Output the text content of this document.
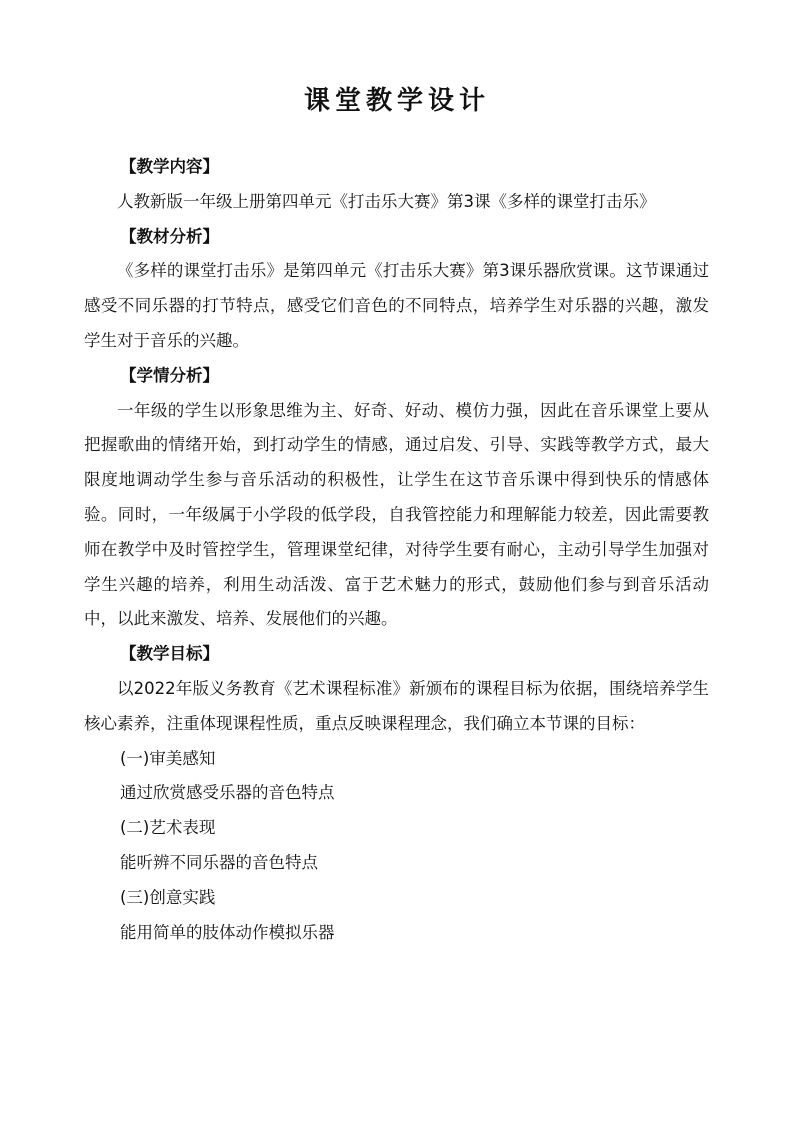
课堂教学设计

【教学内容】

人教新版一年级上册第四单元《打击乐大赛》第3课《多样的课堂打击乐》

【教材分析】

《多样的课堂打击乐》是第四单元《打击乐大赛》第3课乐器欣赏课。这节课通过感受不同乐器的打节特点，感受它们音色的不同特点，培养学生对乐器的兴趣，激发学生对于音乐的兴趣。

【学情分析】

一年级的学生以形象思维为主、好奇、好动、模仿力强，因此在音乐课堂上要从把握歌曲的情绪开始，到打动学生的情感，通过启发、引导、实践等教学方式，最大限度地调动学生参与音乐活动的积极性，让学生在这节音乐课中得到快乐的情感体验。同时，一年级属于小学段的低学段，自我管控能力和理解能力较差，因此需要教师在教学中及时管控学生，管理课堂纪律，对待学生要有耐心，主动引导学生加强对学生兴趣的培养，利用生动活泼、富于艺术魅力的形式，鼓励他们参与到音乐活动中，以此来激发、培养、发展他们的兴趣。

【教学目标】

以2022年版义务教育《艺术课程标准》新颁布的课程目标为依据，围绕培养学生核心素养，注重体现课程性质，重点反映课程理念，我们确立本节课的目标：

(一)审美感知

通过欣赏感受乐器的音色特点

(二)艺术表现

能听辨不同乐器的音色特点

(三)创意实践

能用简单的肢体动作模拟乐器
